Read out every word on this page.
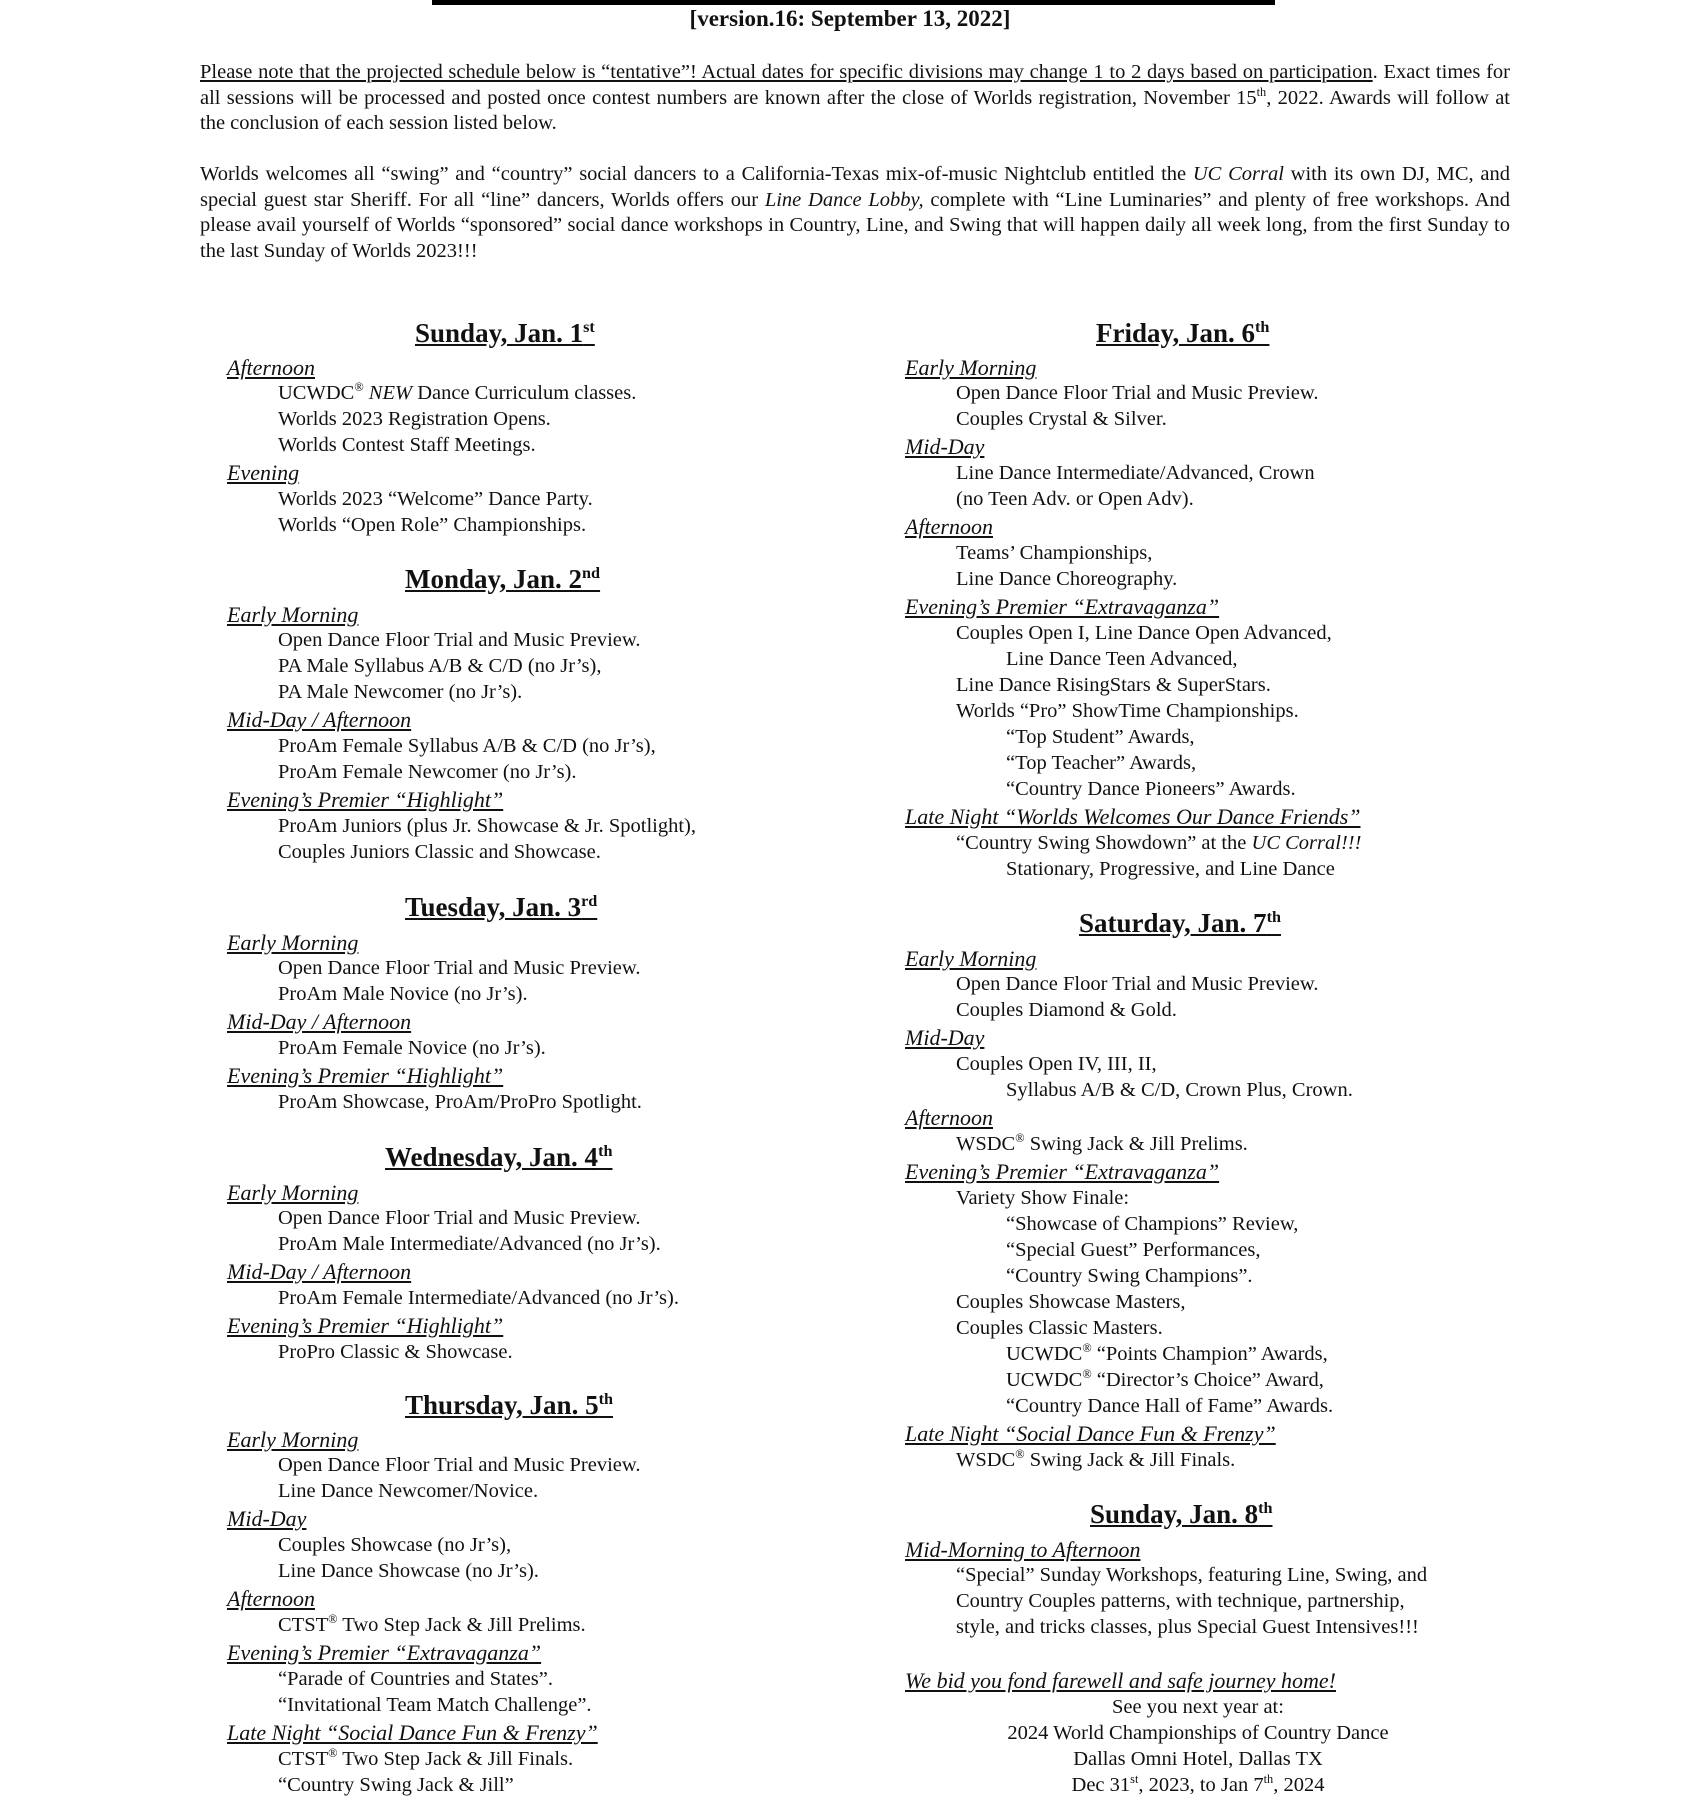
[version.16: September 13, 2022]

Please note that the projected schedule below is “tentative”! Actual dates for specific divisions may change 1 to 2 days based on participation. Exact times for all sessions will be processed and posted once contest numbers are known after the close of Worlds registration, November 15th, 2022. Awards will follow at the conclusion of each session listed below.

Worlds welcomes all “swing” and “country” social dancers to a California-Texas mix-of-music Nightclub entitled the UC Corral with its own DJ, MC, and special guest star Sheriff. For all “line” dancers, Worlds offers our Line Dance Lobby, complete with “Line Luminaries” and plenty of free workshops. And please avail yourself of Worlds “sponsored” social dance workshops in Country, Line, and Swing that will happen daily all week long, from the first Sunday to the last Sunday of Worlds 2023!!!

Sunday, Jan. 1st
Afternoon
UCWDC® NEW Dance Curriculum classes.
Worlds 2023 Registration Opens.
Worlds Contest Staff Meetings.
Evening
Worlds 2023 “Welcome” Dance Party.
Worlds “Open Role” Championships.
Monday, Jan. 2nd
Early Morning
Open Dance Floor Trial and Music Preview.
PA Male Syllabus A/B & C/D (no Jr’s),
PA Male Newcomer (no Jr’s).
Mid-Day / Afternoon
ProAm Female Syllabus A/B & C/D (no Jr’s),
ProAm Female Newcomer (no Jr’s).
Evening’s Premier “Highlight”
ProAm Juniors (plus Jr. Showcase & Jr. Spotlight),
Couples Juniors Classic and Showcase.
Tuesday, Jan. 3rd
Early Morning
Open Dance Floor Trial and Music Preview.
ProAm Male Novice (no Jr’s).
Mid-Day / Afternoon
ProAm Female Novice (no Jr’s).
Evening’s Premier “Highlight”
ProAm Showcase, ProAm/ProPro Spotlight.
Wednesday, Jan. 4th
Early Morning
Open Dance Floor Trial and Music Preview.
ProAm Male Intermediate/Advanced (no Jr’s).
Mid-Day / Afternoon
ProAm Female Intermediate/Advanced (no Jr’s).
Evening’s Premier “Highlight”
ProPro Classic & Showcase.
Thursday, Jan. 5th
Early Morning
Open Dance Floor Trial and Music Preview.
Line Dance Newcomer/Novice.
Mid-Day
Couples Showcase (no Jr’s),
Line Dance Showcase (no Jr’s).
Afternoon
CTST® Two Step Jack & Jill Prelims.
Evening’s Premier “Extravaganza”
“Parade of Countries and States”.
“Invitational Team Match Challenge”.
Late Night “Social Dance Fun & Frenzy”
CTST® Two Step Jack & Jill Finals.
“Country Swing Jack & Jill”
Friday, Jan. 6th
Early Morning
Open Dance Floor Trial and Music Preview.
Couples Crystal & Silver.
Mid-Day
Line Dance Intermediate/Advanced, Crown
(no Teen Adv. or Open Adv).
Afternoon
Teams’ Championships,
Line Dance Choreography.
Evening’s Premier “Extravaganza”
Couples Open I, Line Dance Open Advanced,
Line Dance Teen Advanced,
Line Dance RisingStars & SuperStars.
Worlds “Pro” ShowTime Championships.
“Top Student” Awards,
“Top Teacher” Awards,
“Country Dance Pioneers” Awards.
Late Night “Worlds Welcomes Our Dance Friends”
“Country Swing Showdown” at the UC Corral!!!
Stationary, Progressive, and Line Dance
Saturday, Jan. 7th
Early Morning
Open Dance Floor Trial and Music Preview.
Couples Diamond & Gold.
Mid-Day
Couples Open IV, III, II,
Syllabus A/B & C/D, Crown Plus, Crown.
Afternoon
WSDC® Swing Jack & Jill Prelims.
Evening’s Premier “Extravaganza”
Variety Show Finale:
“Showcase of Champions” Review,
“Special Guest” Performances,
“Country Swing Champions”.
Couples Showcase Masters,
Couples Classic Masters.
UCWDC® “Points Champion” Awards,
UCWDC® “Director’s Choice” Award,
“Country Dance Hall of Fame” Awards.
Late Night “Social Dance Fun & Frenzy”
WSDC® Swing Jack & Jill Finals.
Sunday, Jan. 8th
Mid-Morning to Afternoon
“Special” Sunday Workshops, featuring Line, Swing, and
Country Couples patterns, with technique, partnership,
style, and tricks classes, plus Special Guest Intensives!!!
We bid you fond farewell and safe journey home!
See you next year at:
2024 World Championships of Country Dance
Dallas Omni Hotel, Dallas TX
Dec 31st, 2023, to Jan 7th, 2024
